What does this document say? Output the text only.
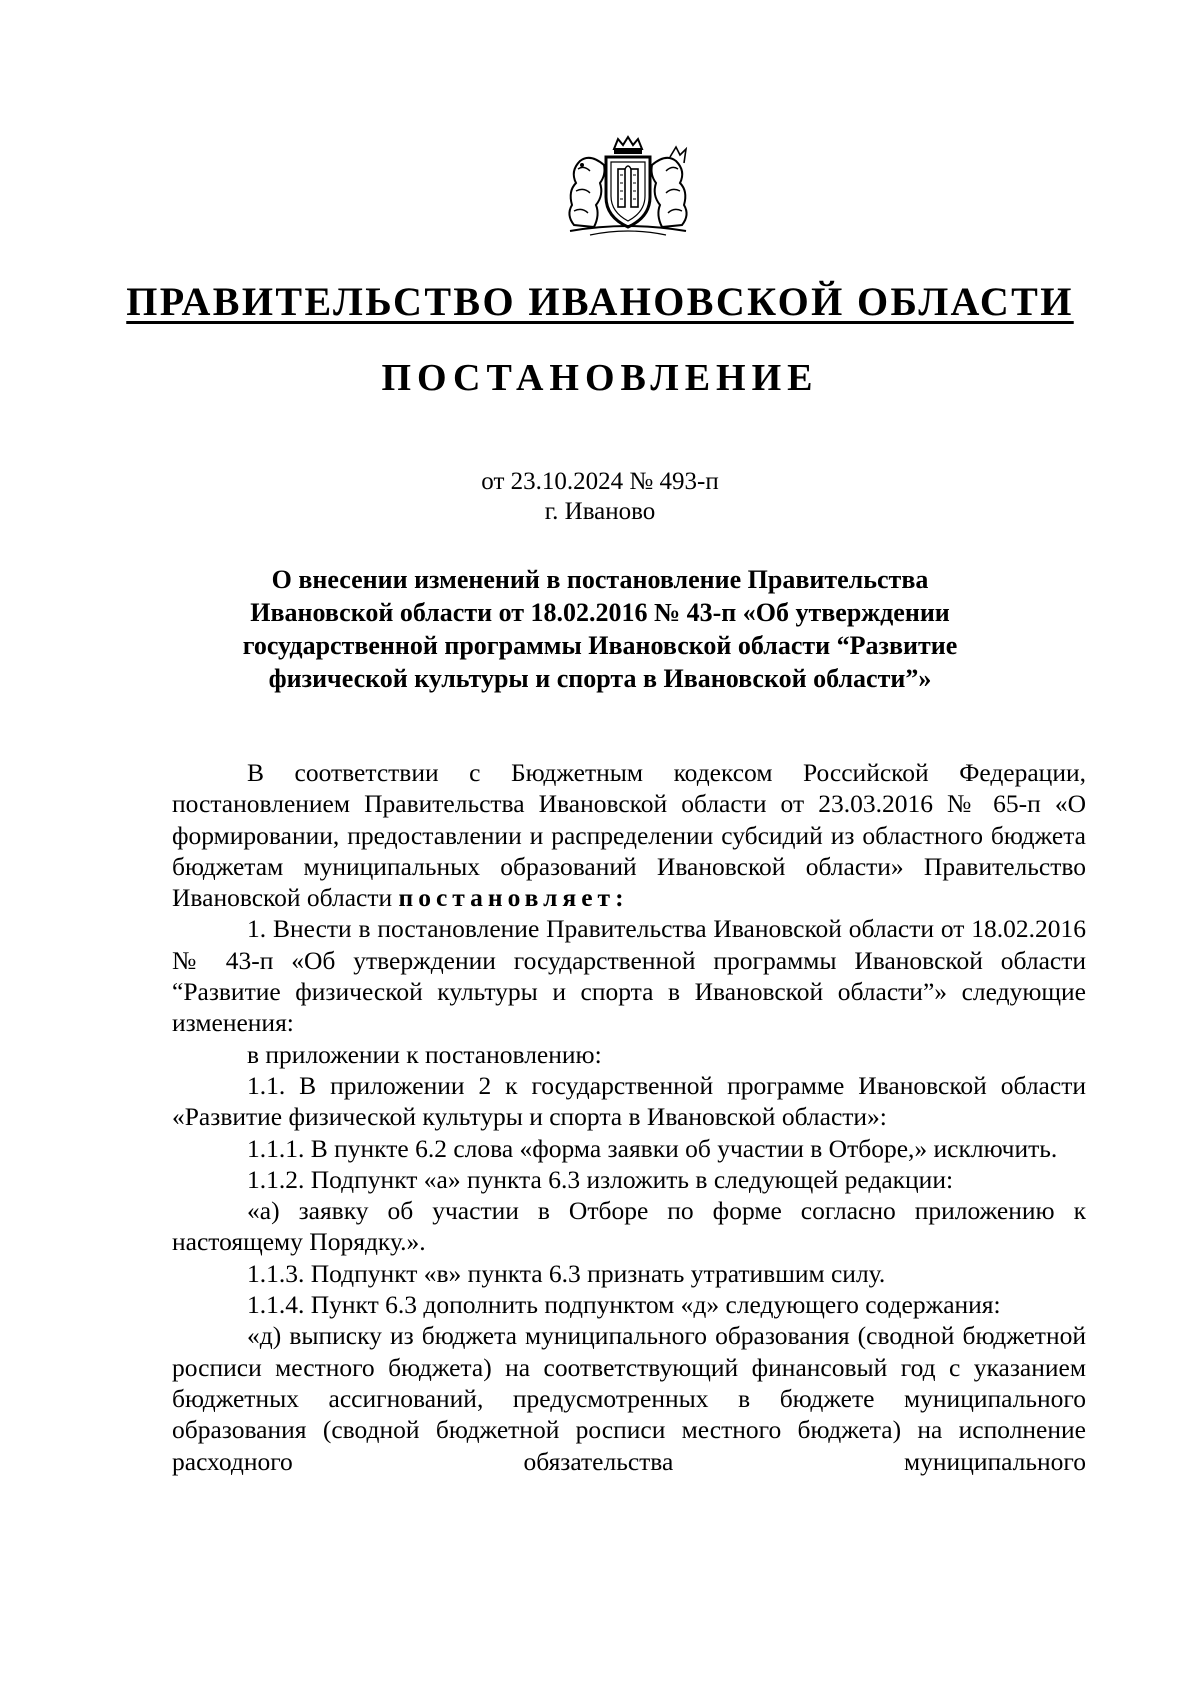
ПРАВИТЕЛЬСТВО ИВАНОВСКОЙ ОБЛАСТИ
ПОСТАНОВЛЕНИЕ
от 23.10.2024 № 493-п
г. Иваново
О внесении изменений в постановление Правительства
Ивановской области от 18.02.2016 № 43-п «Об утверждении
государственной программы Ивановской области “Развитие
физической культуры и спорта в Ивановской области”»

В соответствии с Бюджетным кодексом Российской Федерации, постановлением Правительства Ивановской области от 23.03.2016 № 65-п «О формировании, предоставлении и распределении субсидий из областного бюджета бюджетам муниципальных образований Ивановской области» Правительство Ивановской области постановляет:

1. Внести в постановление Правительства Ивановской области от 18.02.2016 № 43-п «Об утверждении государственной программы Ивановской области “Развитие физической культуры и спорта в Ивановской области”» следующие изменения:

в приложении к постановлению:

1.1. В приложении 2 к государственной программе Ивановской области «Развитие физической культуры и спорта в Ивановской области»:

1.1.1. В пункте 6.2 слова «форма заявки об участии в Отборе,» исключить.

1.1.2. Подпункт «а» пункта 6.3 изложить в следующей редакции:

«а) заявку об участии в Отборе по форме согласно приложению к настоящему Порядку.».

1.1.3. Подпункт «в» пункта 6.3 признать утратившим силу.

1.1.4. Пункт 6.3 дополнить подпунктом «д» следующего содержания:

«д) выписку из бюджета муниципального образования (сводной бюджетной росписи местного бюджета) на соответствующий финансовый год с указанием бюджетных ассигнований, предусмотренных в бюджете муниципального образования (сводной бюджетной росписи местного бюджета) на исполнение расходного обязательства муниципального
